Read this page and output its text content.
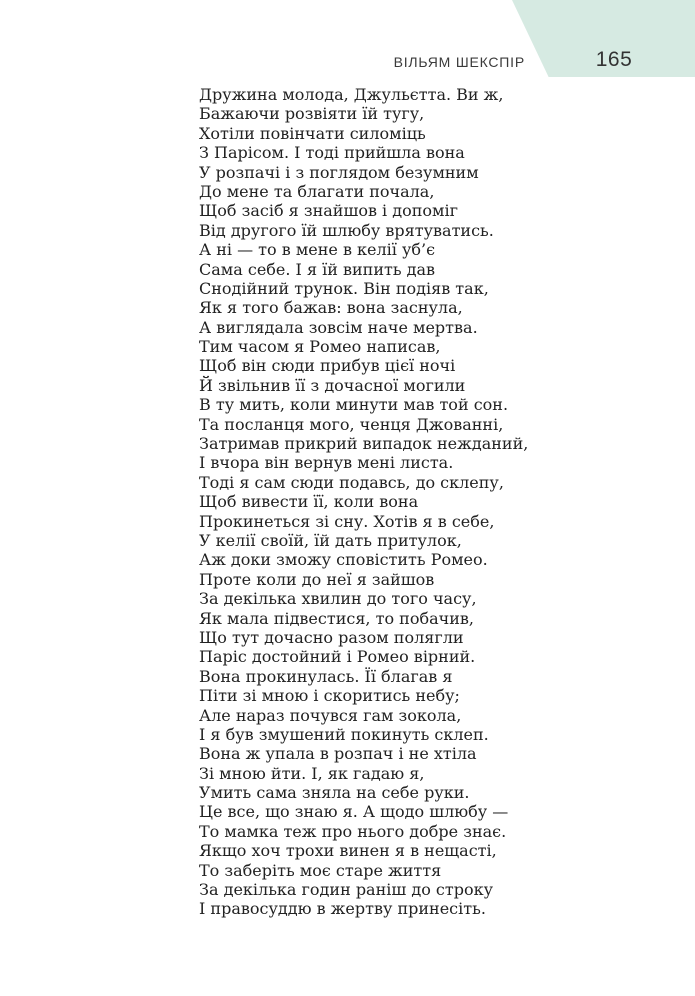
ВІЛЬЯМ ШЕКСПІР	165
Дружина молода, Джульєтта. Ви ж,
Бажаючи розвіяти їй тугу,
Хотіли повінчати силоміць
З Парісом. І тоді прийшла вона
У розпачі і з поглядом безумним
До мене та благати почала,
Щоб засіб я знайшов і допоміг
Від другого їй шлюбу врятуватись.
А ні — то в мене в келії уб’є
Сама себе. І я їй випить дав
Снодійний трунок. Він подіяв так,
Як я того бажав: вона заснула,
А виглядала зовсім наче мертва.
Тим часом я Ромео написав,
Щоб він сюди прибув цієї ночі
Й звільнив її з дочасної могили
В ту мить, коли минути мав той сон.
Та посланця мого, ченця Джованні,
Затримав прикрий випадок нежданий,
І вчора він вернув мені листа.
Тоді я сам сюди подавсь, до склепу,
Щоб вивести її, коли вона
Прокинеться зі сну. Хотів я в себе,
У келії своїй, їй дать притулок,
Аж доки зможу сповістить Ромео.
Проте коли до неї я зайшов
За декілька хвилин до того часу,
Як мала підвестися, то побачив,
Що тут дочасно разом полягли
Паріс достойний і Ромео вірний.
Вона прокинулась. Її благав я
Піти зі мною і скоритись небу;
Але нараз почувся гам зокола,
І я був змушений покинуть склеп.
Вона ж упала в розпач і не хтіла
Зі мною йти. І, як гадаю я,
Умить сама зняла на себе руки.
Це все, що знаю я. А щодо шлюбу —
То мамка теж про нього добре знає.
Якщо хоч трохи винен я в нещасті,
То заберіть моє старе життя
За декілька годин раніш до строку
І правосуддю в жертву принесіть.
